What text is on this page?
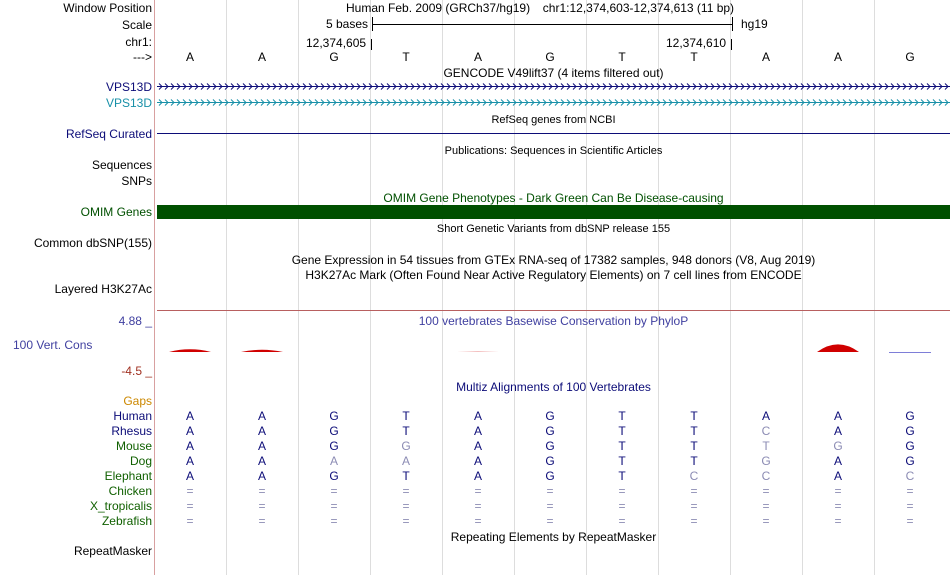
Window Position
Scale
chr1:
--->
Human Feb. 2009 (GRCh37/hg19) chr1:12,374,603-12,374,613 (11 bp)
5 bases	hg19
12,374,605	12,374,610
A	A	G	T	A	G	T	T	A	A	G
GENCODE V49lift37 (4 items filtered out)
VPS13D
VPS13D
RefSeq genes from NCBI
RefSeq Curated
Publications: Sequences in Scientific Articles
Sequences
SNPs
OMIM Gene Phenotypes - Dark Green Can Be Disease-causing
OMIM Genes
Short Genetic Variants from dbSNP release 155
Common dbSNP(155)
Gene Expression in 54 tissues from GTEx RNA-seq of 17382 samples, 948 donors (V8, Aug 2019)
H3K27Ac Mark (Often Found Near Active Regulatory Elements) on 7 cell lines from ENCODE
Layered H3K27Ac
100 vertebrates Basewise Conservation by PhyloP
4.88 _
100 Vert. Cons
-4.5 _
Multiz Alignments of 100 Vertebrates
Gaps
Human	A	A	G	T	A	G	T	T	A	A	G
Rhesus	A	A	G	T	A	G	T	T	C	A	G
Mouse	A	A	G	G	A	G	T	T	T	G	G
Dog	A	A	A	A	A	G	T	T	G	A	G
Elephant	A	A	G	T	A	G	T	C	C	A	C
Chicken	=	=	=	=	=	=	=	=	=	=	=
X_tropicalis	=	=	=	=	=	=	=	=	=	=	=
Zebrafish	=	=	=	=	=	=	=	=	=	=	=
Repeating Elements by RepeatMasker
RepeatMasker
